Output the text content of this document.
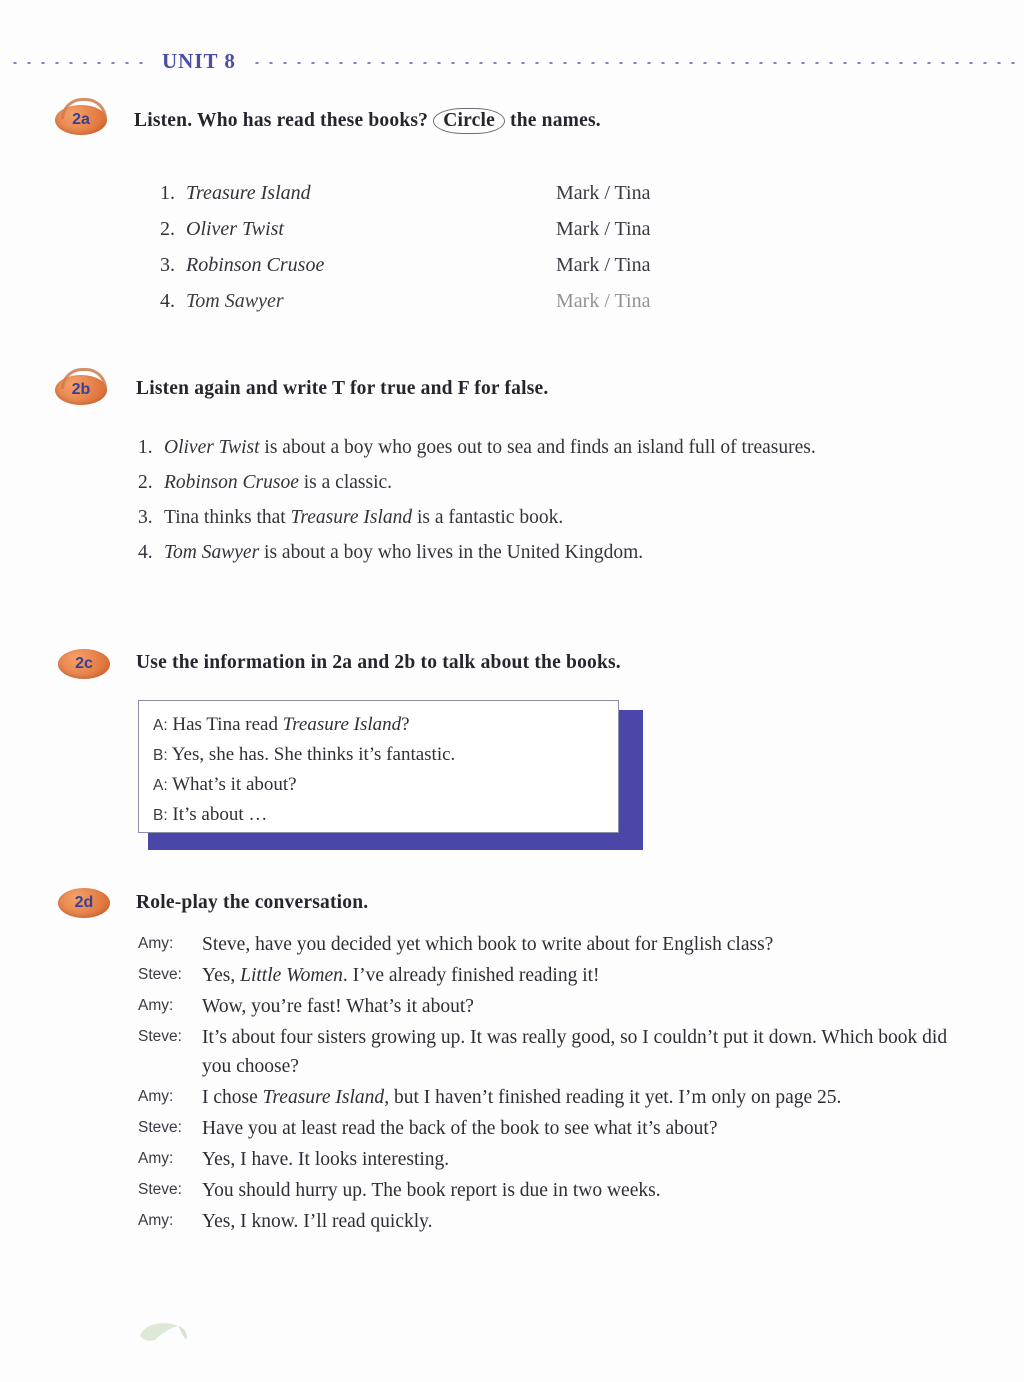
UNIT 8
2a	Listen. Who has read these books? Circle the names.
1. Treasure Island	Mark / Tina
2. Oliver Twist	Mark / Tina
3. Robinson Crusoe	Mark / Tina
4. Tom Sawyer	Mark / Tina
2b	Listen again and write T for true and F for false.
1. Oliver Twist is about a boy who goes out to sea and finds an island full of treasures.
2. Robinson Crusoe is a classic.
3. Tina thinks that Treasure Island is a fantastic book.
4. Tom Sawyer is about a boy who lives in the United Kingdom.
2c	Use the information in 2a and 2b to talk about the books.
A: Has Tina read Treasure Island?
B: Yes, she has. She thinks it’s fantastic.
A: What’s it about?
B: It’s about …
2d	Role-play the conversation.
Amy:	Steve, have you decided yet which book to write about for English class?
Steve:	Yes, Little Women. I’ve already finished reading it!
Amy:	Wow, you’re fast! What’s it about?
Steve:	It’s about four sisters growing up. It was really good, so I couldn’t put it down. Which book did you choose?
Amy:	I chose Treasure Island, but I haven’t finished reading it yet. I’m only on page 25.
Steve:	Have you at least read the back of the book to see what it’s about?
Amy:	Yes, I have. It looks interesting.
Steve:	You should hurry up. The book report is due in two weeks.
Amy:	Yes, I know. I’ll read quickly.
